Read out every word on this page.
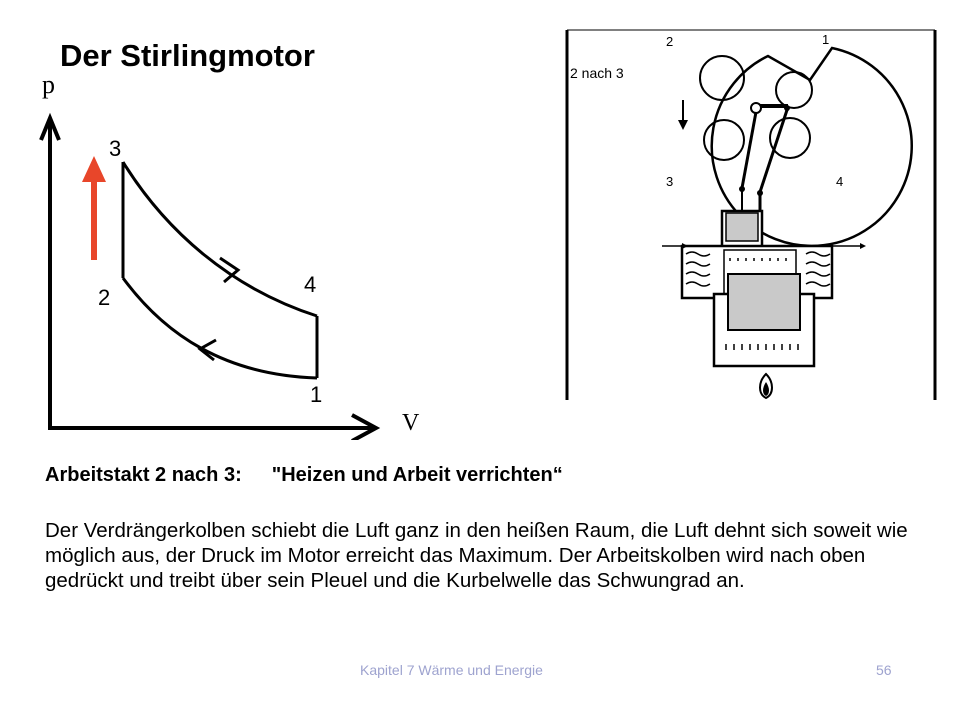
Der Stirlingmotor
p
V
3
2
4
1
2	1
3	4
2 nach 3
Arbeitstakt 2 nach 3: "Heizen und Arbeit verrichten“

Der Verdrängerkolben schiebt die Luft ganz in den heißen Raum, die Luft dehnt sich soweit wie möglich aus, der Druck im Motor erreicht das Maximum. Der Arbeitskolben wird nach oben gedrückt und treibt über sein Pleuel und die Kurbelwelle das Schwungrad an.

Kapitel 7 Wärme und Energie	56
